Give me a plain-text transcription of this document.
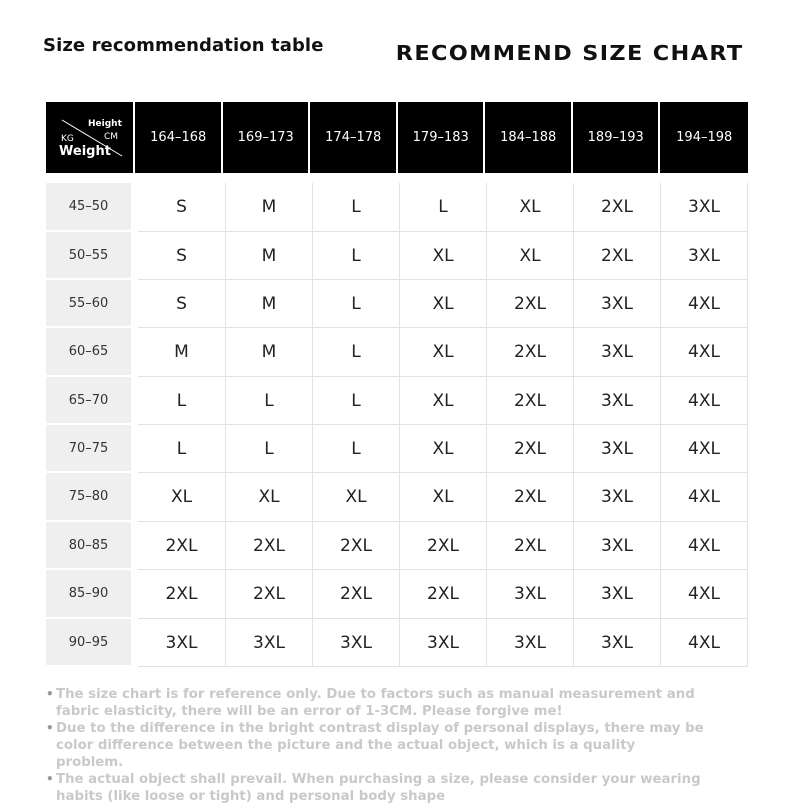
Size recommendation table	RECOMMEND SIZE CHART
Height
CM
KG
Weight
164–168	169–173	174–178	179–183	184–188	189–193	194–198
45–50	S	M	L	L	XL	2XL	3XL
50–55	S	M	L	XL	XL	2XL	3XL
55–60	S	M	L	XL	2XL	3XL	4XL
60–65	M	M	L	XL	2XL	3XL	4XL
65–70	L	L	L	XL	2XL	3XL	4XL
70–75	L	L	L	XL	2XL	3XL	4XL
75–80	XL	XL	XL	XL	2XL	3XL	4XL
80–85	2XL	2XL	2XL	2XL	2XL	3XL	4XL
85–90	2XL	2XL	2XL	2XL	3XL	3XL	4XL
90–95	3XL	3XL	3XL	3XL	3XL	3XL	4XL
• The size chart is for reference only. Due to factors such as manual measurement and fabric elasticity, there will be an error of 1-3CM. Please forgive me!
• Due to the difference in the bright contrast display of personal displays, there may be color difference between the picture and the actual object, which is a quality problem.
• The actual object shall prevail. When purchasing a size, please consider your wearing habits (like loose or tight) and personal body shape
